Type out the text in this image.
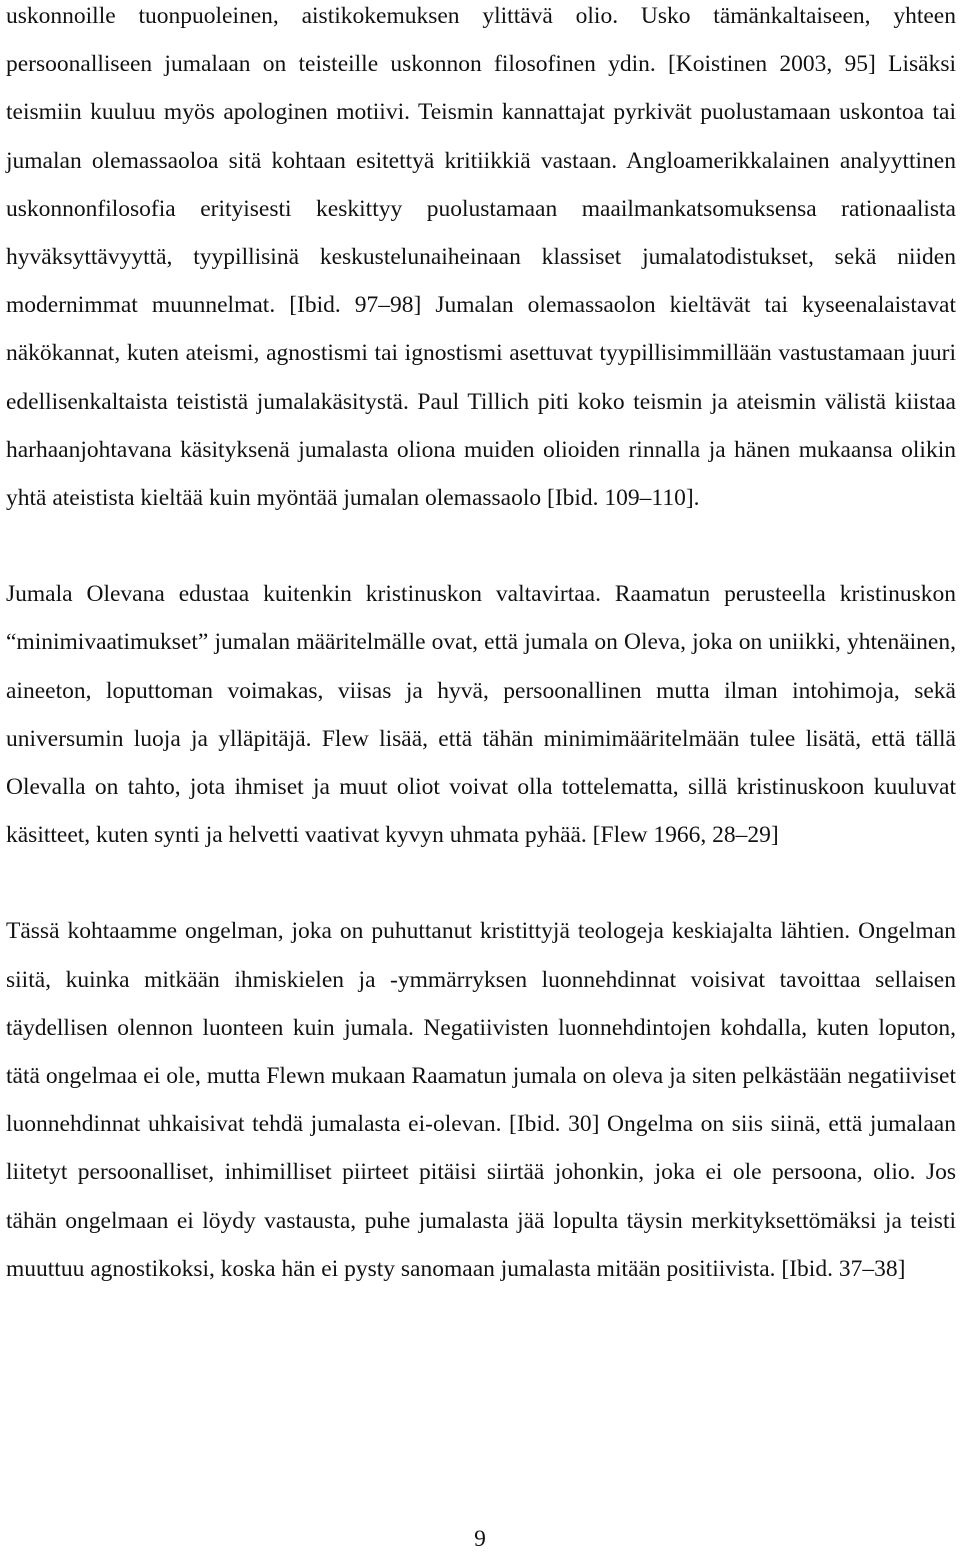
uskonnoille tuonpuoleinen, aistikokemuksen ylittävä olio. Usko tämänkaltaiseen, yhteen persoonalliseen jumalaan on teisteille uskonnon filosofinen ydin. [Koistinen 2003, 95] Lisäksi teismiin kuuluu myös apologinen motiivi. Teismin kannattajat pyrkivät puolustamaan uskontoa tai jumalan olemassaoloa sitä kohtaan esitettyä kritiikkiä vastaan. Angloamerikkalainen analyyttinen uskonnonfilosofia erityisesti keskittyy puolustamaan maailmankatsomuksensa rationaalista hyväksyttävyyttä, tyypillisinä keskustelunaiheinaan klassiset jumalatodistukset, sekä niiden modernimmat muunnelmat. [Ibid. 97–98] Jumalan olemassaolon kieltävät tai kyseenalaistavat näkökannat, kuten ateismi, agnostismi tai ignostismi asettuvat tyypillisimmillään vastustamaan juuri edellisenkaltaista teististä jumalakäsitystä. Paul Tillich piti koko teismin ja ateismin välistä kiistaa harhaanjohtavana käsityksenä jumalasta oliona muiden olioiden rinnalla ja hänen mukaansa olikin yhtä ateistista kieltää kuin myöntää jumalan olemassaolo [Ibid. 109–110].

Jumala Olevana edustaa kuitenkin kristinuskon valtavirtaa. Raamatun perusteella kristinuskon “minimivaatimukset” jumalan määritelmälle ovat, että jumala on Oleva, joka on uniikki, yhtenäinen, aineeton, loputtoman voimakas, viisas ja hyvä, persoonallinen mutta ilman intohimoja, sekä universumin luoja ja ylläpitäjä. Flew lisää, että tähän minimimääritelmään tulee lisätä, että tällä Olevalla on tahto, jota ihmiset ja muut oliot voivat olla tottelematta, sillä kristinuskoon kuuluvat käsitteet, kuten synti ja helvetti vaativat kyvyn uhmata pyhää. [Flew 1966, 28–29]

Tässä kohtaamme ongelman, joka on puhuttanut kristittyjä teologeja keskiajalta lähtien. Ongelman siitä, kuinka mitkään ihmiskielen ja -ymmärryksen luonnehdinnat voisivat tavoittaa sellaisen täydellisen olennon luonteen kuin jumala. Negatiivisten luonnehdintojen kohdalla, kuten loputon, tätä ongelmaa ei ole, mutta Flewn mukaan Raamatun jumala on oleva ja siten pelkästään negatiiviset luonnehdinnat uhkaisivat tehdä jumalasta ei-olevan. [Ibid. 30] Ongelma on siis siinä, että jumalaan liitetyt persoonalliset, inhimilliset piirteet pitäisi siirtää johonkin, joka ei ole persoona, olio. Jos tähän ongelmaan ei löydy vastausta, puhe jumalasta jää lopulta täysin merkityksettömäksi ja teisti muuttuu agnostikoksi, koska hän ei pysty sanomaan jumalasta mitään positiivista. [Ibid. 37–38]

9
